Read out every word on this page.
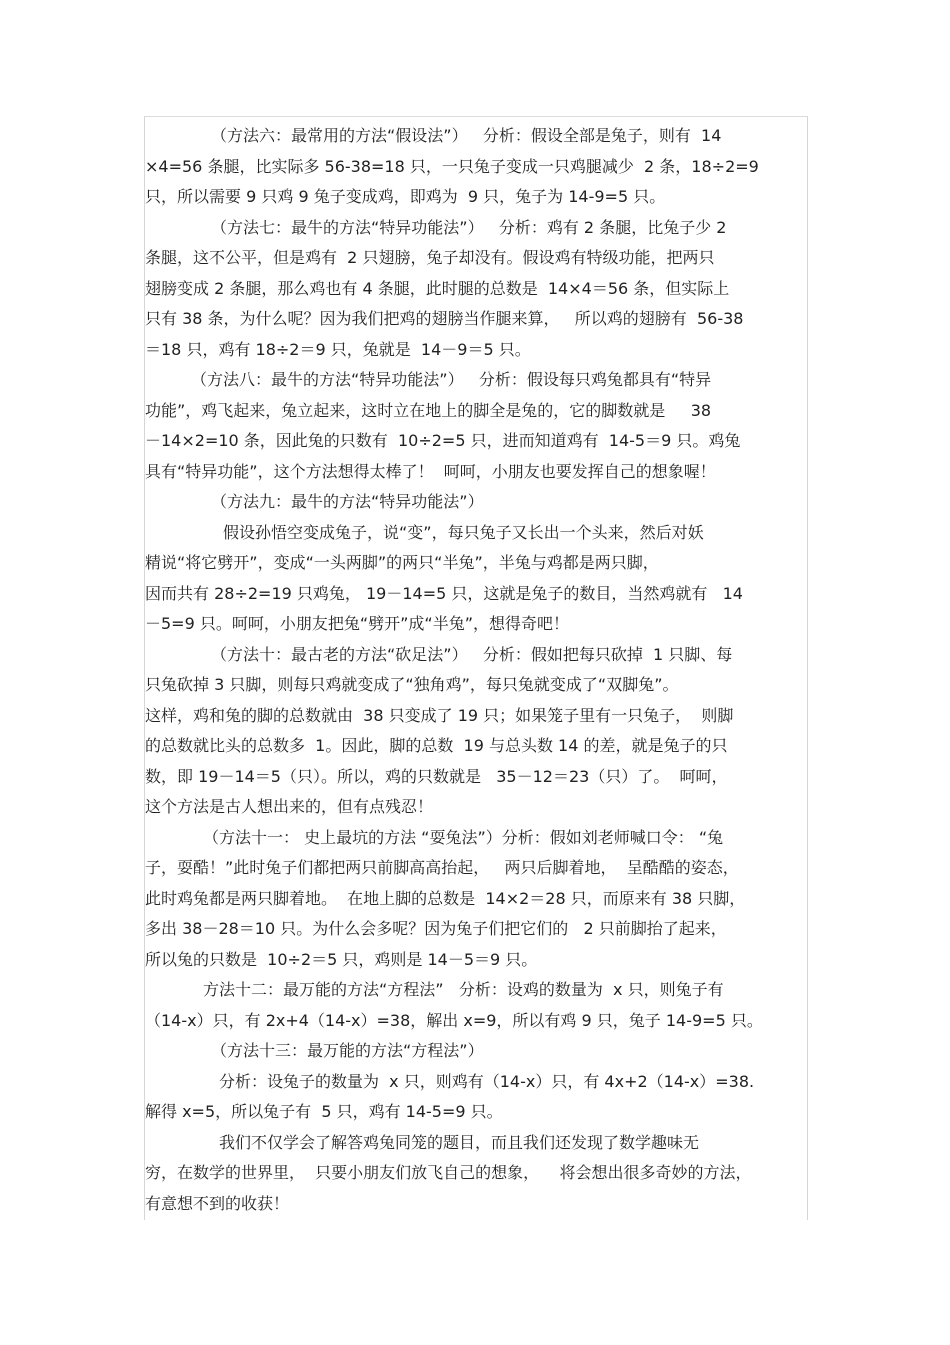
（方法六：最常用的方法“假设法”）   分析：假设全部是兔子，则有  14
×4=56 条腿，比实际多 56-38=18 只，一只兔子变成一只鸡腿减少  2 条，18÷2=9
只，所以需要 9 只鸡 9 兔子变成鸡，即鸡为  9 只，兔子为 14-9=5 只。
（方法七：最牛的方法“特异功能法”）   分析：鸡有 2 条腿，比兔子少 2
条腿，这不公平，但是鸡有  2 只翅膀，兔子却没有。假设鸡有特级功能，把两只
翅膀变成 2 条腿，那么鸡也有 4 条腿，此时腿的总数是  14×4＝56 条，但实际上
只有 38 条，为什么呢？因为我们把鸡的翅膀当作腿来算，   所以鸡的翅膀有  56-38
＝18 只，鸡有 18÷2＝9 只，兔就是  14－9＝5 只。
（方法八：最牛的方法“特异功能法”）   分析：假设每只鸡兔都具有“特异
功能”，鸡飞起来，兔立起来，这时立在地上的脚全是兔的，它的脚数就是     38
－14×2=10 条，因此兔的只数有  10÷2=5 只，进而知道鸡有  14-5＝9 只。鸡兔
具有“特异功能”，这个方法想得太棒了！  呵呵，小朋友也要发挥自己的想象喔！
（方法九：最牛的方法“特异功能法”）
假设孙悟空变成兔子，说“变”，每只兔子又长出一个头来，然后对妖
精说“将它劈开”，变成“一头两脚”的两只“半兔”，半兔与鸡都是两只脚，
因而共有 28÷2=19 只鸡兔， 19－14=5 只，这就是兔子的数目，当然鸡就有   14
－5=9 只。呵呵，小朋友把兔“劈开”成“半兔”，想得奇吧！
（方法十：最古老的方法“砍足法”）   分析：假如把每只砍掉  1 只脚、每
只兔砍掉 3 只脚，则每只鸡就变成了“独角鸡”，每只兔就变成了“双脚兔”。
这样，鸡和兔的脚的总数就由  38 只变成了 19 只；如果笼子里有一只兔子，  则脚
的总数就比头的总数多  1。因此，脚的总数  19 与总头数 14 的差，就是兔子的只
数，即 19－14＝5（只）。所以，鸡的只数就是   35－12＝23（只）了。  呵呵，
这个方法是古人想出来的，但有点残忍！
（方法十一： 史上最坑的方法 “耍兔法”）分析：假如刘老师喊口令： “兔
子，耍酷！”此时兔子们都把两只前脚高高抬起，   两只后脚着地，  呈酷酷的姿态，
此时鸡兔都是两只脚着地。  在地上脚的总数是  14×2＝28 只，而原来有 38 只脚，
多出 38－28＝10 只。为什么会多呢？因为兔子们把它们的   2 只前脚抬了起来，
所以兔的只数是  10÷2＝5 只，鸡则是 14－5＝9 只。
方法十二：最万能的方法“方程法”   分析：设鸡的数量为  x 只，则兔子有
（14-x）只，有 2x+4（14-x）=38，解出 x=9，所以有鸡 9 只，兔子 14-9=5 只。
（方法十三：最万能的方法“方程法”）
分析：设兔子的数量为  x 只，则鸡有（14-x）只，有 4x+2（14-x）=38.
解得 x=5，所以兔子有  5 只，鸡有 14-5=9 只。
我们不仅学会了解答鸡兔同笼的题目，而且我们还发现了数学趣味无
穷，在数学的世界里，  只要小朋友们放飞自己的想象，    将会想出很多奇妙的方法，
有意想不到的收获！
